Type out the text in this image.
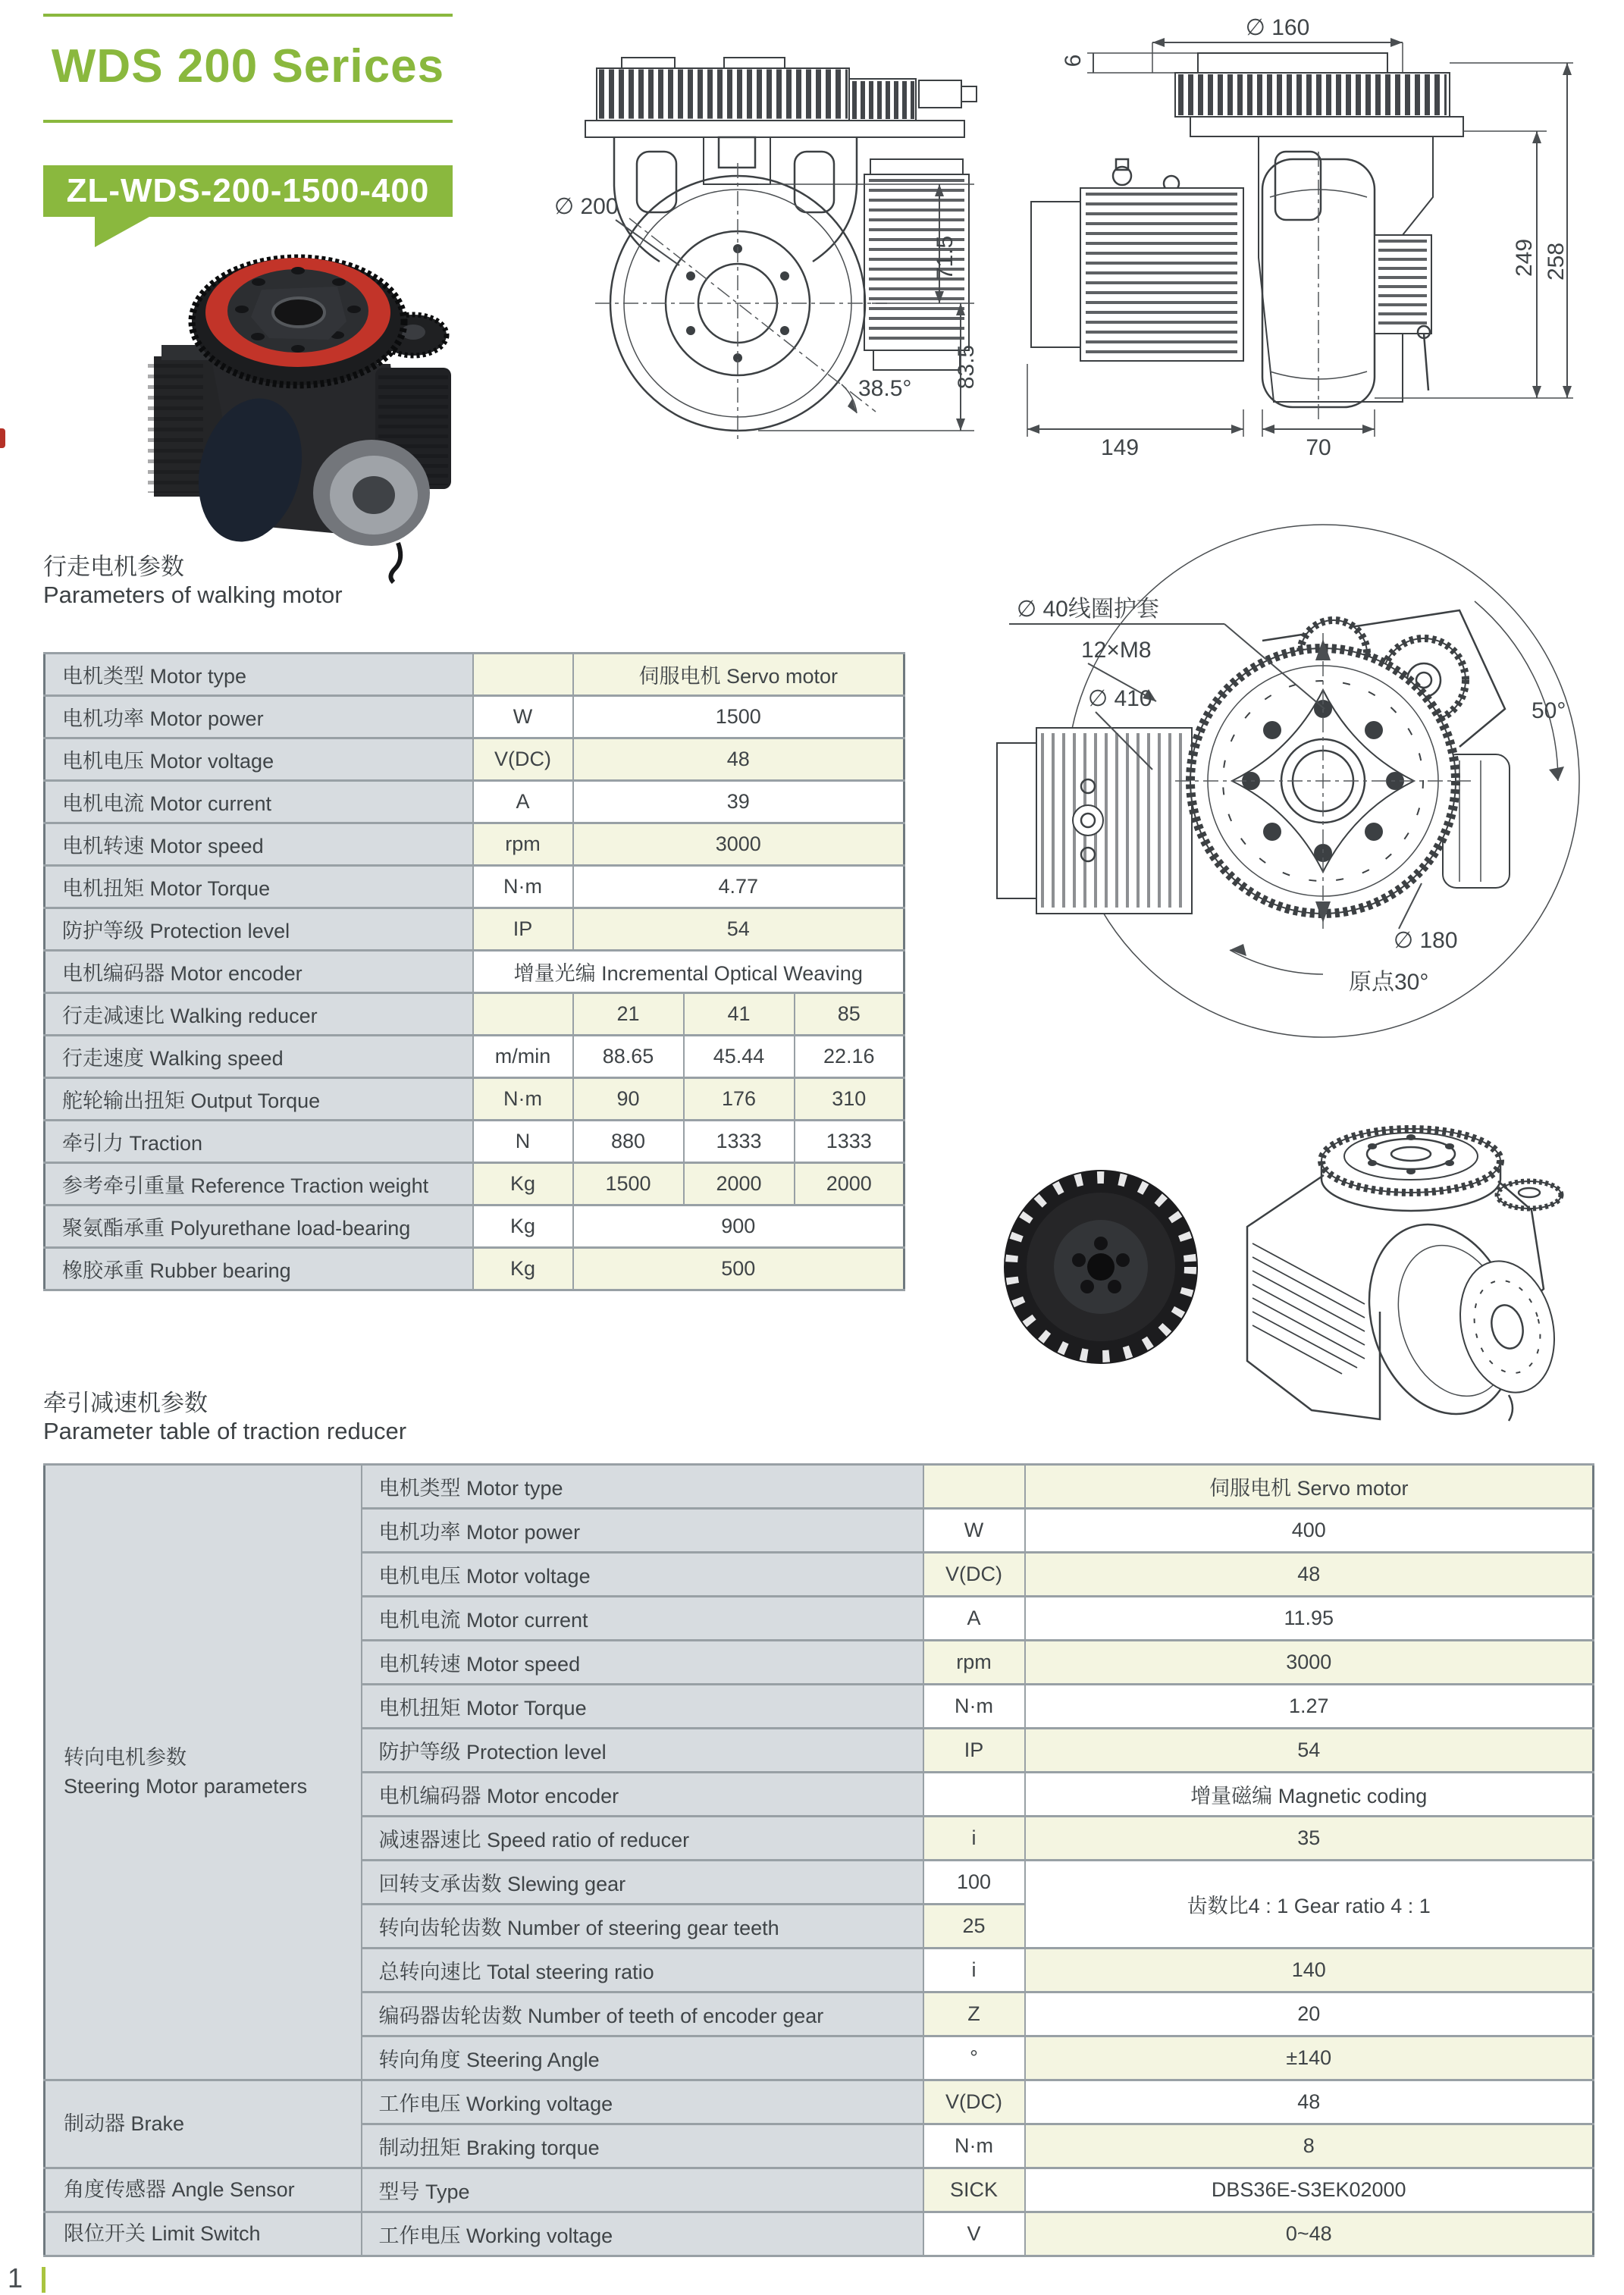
WDS 200 Serices
ZL-WDS-200-1500-400	∅ 200
71.5
83.5
38.5°
∅ 160
6
249 258
149	70
行走电机参数
Parameters of walking motor
电机类型 Motor type		伺服电机 Servo motor		
电机功率 Motor power	W	1500		
电机电压 Motor voltage	V(DC)	48		
电机电流 Motor current	A	39		
电机转速 Motor speed	rpm	3000		
电机扭矩 Motor Torque	N·m	4.77		
防护等级 Protection level	IP	54		
电机编码器 Motor encoder	增量光编 Incremental Optical Weaving			
行走减速比 Walking reducer		21	41	85
行走速度 Walking speed	m/min	88.65	45.44	22.16
舵轮输出扭矩 Output Torque	N·m	90	176	310
牵引力 Traction	N	880	1333	1333
参考牵引重量 Reference Traction weight	Kg	1500	2000	2000
聚氨酯承重 Polyurethane load-bearing	Kg	900		
橡胶承重 Rubber bearing	Kg	500		
∅ 40线圈护套
12×M8
∅ 410	50°
∅ 180
原点30°
牵引减速机参数
Parameter table of traction reducer
转向电机参数
Steering Motor parameters	电机类型 Motor type		伺服电机 Servo motor
	电机功率 Motor power	W	400
	电机电压 Motor voltage	V(DC)	48
	电机电流 Motor current	A	11.95
	电机转速 Motor speed	rpm	3000
	电机扭矩 Motor Torque	N·m	1.27
	防护等级 Protection level	IP	54
	电机编码器 Motor encoder		增量磁编 Magnetic coding
	减速器速比 Speed ratio of reducer	i	35
	回转支承齿数 Slewing gear	100	齿数比4 : 1 Gear ratio 4 : 1
	转向齿轮齿数 Number of steering gear teeth	25	
	总转向速比 Total steering ratio	i	140
	编码器齿轮齿数 Number of teeth of encoder gear	Z	20
	转向角度 Steering Angle	°	±140

制动器 Brake	工作电压 Working voltage	V(DC)	48
	制动扭矩 Braking torque	N·m	8

角度传感器 Angle Sensor	型号 Type	SICK	DBS36E-S3EK02000

限位开关 Limit Switch	工作电压 Working voltage	V	0~48
1
